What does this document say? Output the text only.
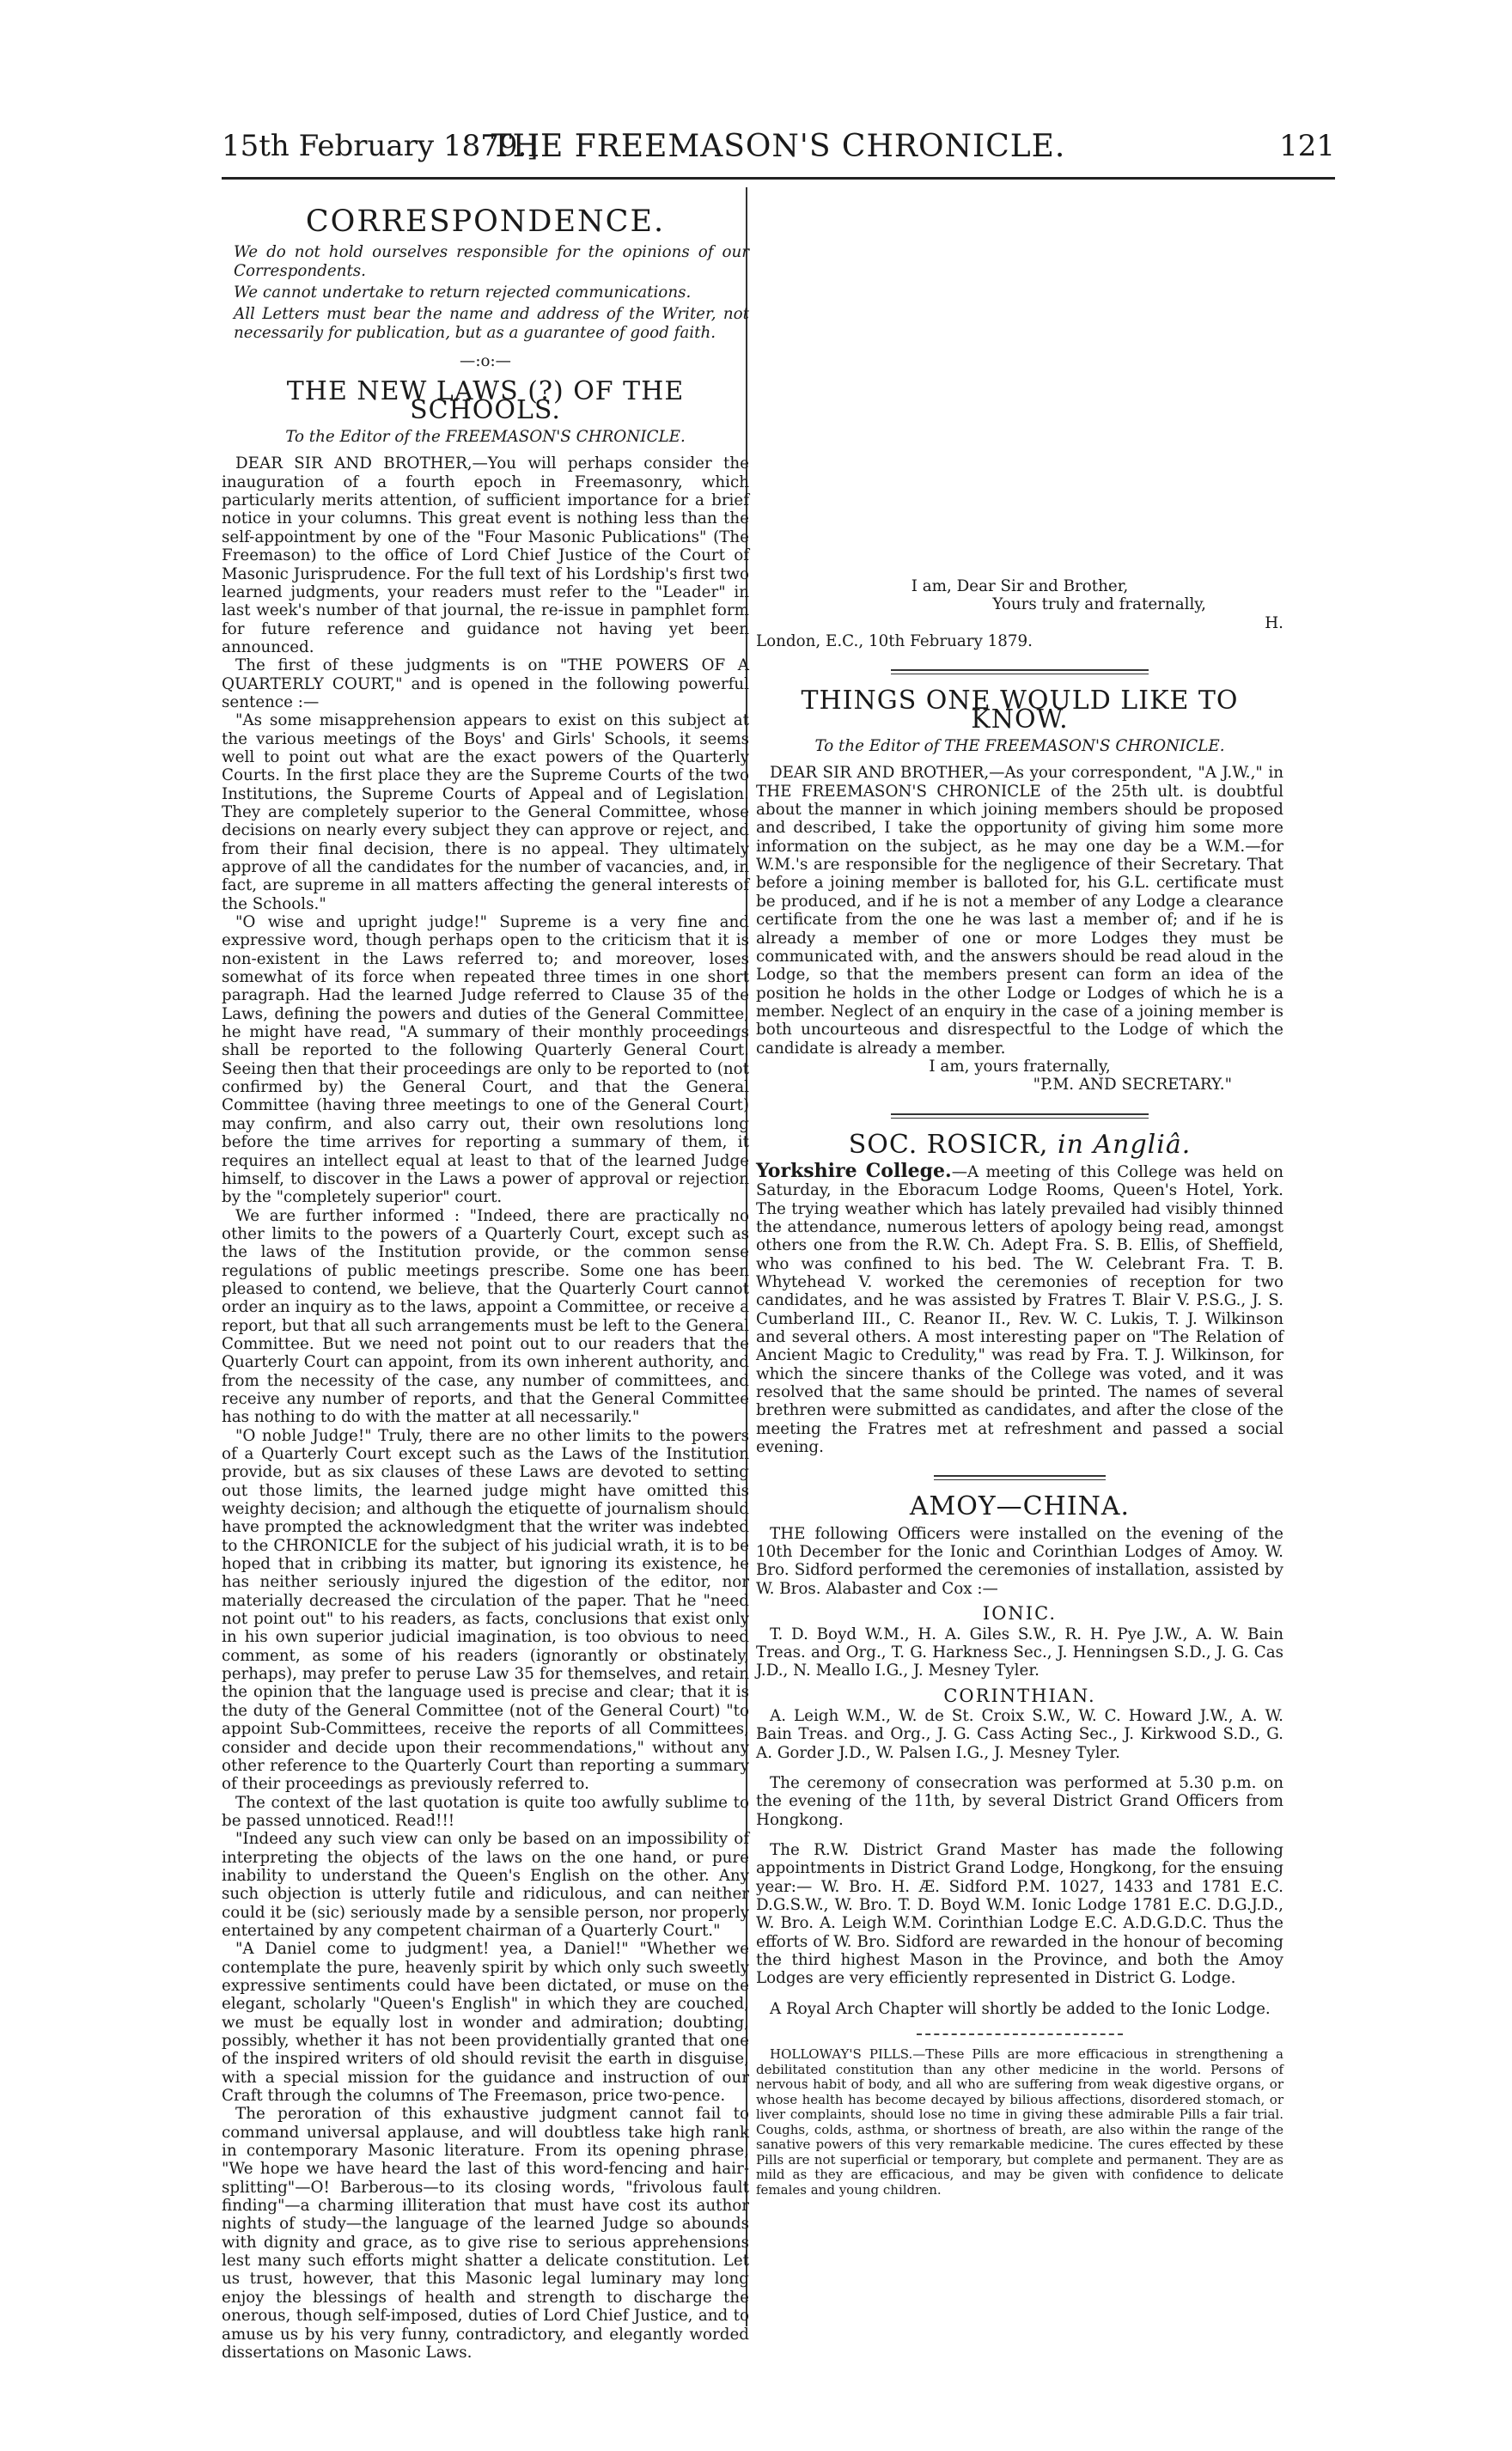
15th February 1879.]
THE FREEMASON'S CHRONICLE.	121
CORRESPONDENCE.

We do not hold ourselves responsible for the opinions of our Correspondents.

We cannot undertake to return rejected communications.

All Letters must bear the name and address of the Writer, not necessarily for publication, but as a guarantee of good faith.

—:o:—
THE NEW LAWS (?) OF THE SCHOOLS.
To the Editor of the FREEMASON'S CHRONICLE.

DEAR SIR AND BROTHER,—You will perhaps consider the inauguration of a fourth epoch in Freemasonry, which particularly merits attention, of sufficient importance for a brief notice in your columns. This great event is nothing less than the self-appointment by one of the "Four Masonic Publications" (The Freemason) to the office of Lord Chief Justice of the Court of Masonic Jurisprudence. For the full text of his Lordship's first two learned judgments, your readers must refer to the "Leader" in last week's number of that journal, the re-issue in pamphlet form for future reference and guidance not having yet been announced.

The first of these judgments is on "THE POWERS OF A QUARTERLY COURT," and is opened in the following powerful sentence :—

"As some misapprehension appears to exist on this subject at the various meetings of the Boys' and Girls' Schools, it seems well to point out what are the exact powers of the Quarterly Courts. In the first place they are the Supreme Courts of the two Institutions, the Supreme Courts of Appeal and of Legislation. They are completely superior to the General Committee, whose decisions on nearly every subject they can approve or reject, and from their final decision, there is no appeal. They ultimately approve of all the candidates for the number of vacancies, and, in fact, are supreme in all matters affecting the general interests of the Schools."

"O wise and upright judge!" Supreme is a very fine and expressive word, though perhaps open to the criticism that it is non-existent in the Laws referred to; and moreover, loses somewhat of its force when repeated three times in one short paragraph. Had the learned Judge referred to Clause 35 of the Laws, defining the powers and duties of the General Committee, he might have read, "A summary of their monthly proceedings shall be reported to the following Quarterly General Court. Seeing then that their proceedings are only to be reported to (not confirmed by) the General Court, and that the General Committee (having three meetings to one of the General Court) may confirm, and also carry out, their own resolutions long before the time arrives for reporting a summary of them, it requires an intellect equal at least to that of the learned Judge himself, to discover in the Laws a power of approval or rejection by the "completely superior" court.

We are further informed : "Indeed, there are practically no other limits to the powers of a Quarterly Court, except such as the laws of the Institution provide, or the common sense regulations of public meetings prescribe. Some one has been pleased to contend, we believe, that the Quarterly Court cannot order an inquiry as to the laws, appoint a Committee, or receive a report, but that all such arrangements must be left to the General Committee. But we need not point out to our readers that the Quarterly Court can appoint, from its own inherent authority, and from the necessity of the case, any number of committees, and receive any number of reports, and that the General Committee has nothing to do with the matter at all necessarily."

"O noble Judge!" Truly, there are no other limits to the powers of a Quarterly Court except such as the Laws of the Institution provide, but as six clauses of these Laws are devoted to setting out those limits, the learned judge might have omitted this weighty decision; and although the etiquette of journalism should have prompted the acknowledgment that the writer was indebted to the CHRONICLE for the subject of his judicial wrath, it is to be hoped that in cribbing its matter, but ignoring its existence, he has neither seriously injured the digestion of the editor, nor materially decreased the circulation of the paper. That he "need not point out" to his readers, as facts, conclusions that exist only in his own superior judicial imagination, is too obvious to need comment, as some of his readers (ignorantly or obstinately, perhaps), may prefer to peruse Law 35 for themselves, and retain the opinion that the language used is precise and clear; that it is the duty of the General Committee (not of the General Court) "to appoint Sub-Committees, receive the reports of all Committees, consider and decide upon their recommendations," without any other reference to the Quarterly Court than reporting a summary of their proceedings as previously referred to.

The context of the last quotation is quite too awfully sublime to be passed unnoticed. Read!!!

"Indeed any such view can only be based on an impossibility of interpreting the objects of the laws on the one hand, or pure inability to understand the Queen's English on the other. Any such objection is utterly futile and ridiculous, and can neither could it be (sic) seriously made by a sensible person, nor properly entertained by any competent chairman of a Quarterly Court."

"A Daniel come to judgment! yea, a Daniel!" "Whether we contemplate the pure, heavenly spirit by which only such sweetly expressive sentiments could have been dictated, or muse on the elegant, scholarly "Queen's English" in which they are couched, we must be equally lost in wonder and admiration; doubting, possibly, whether it has not been providentially granted that one of the inspired writers of old should revisit the earth in disguise, with a special mission for the guidance and instruction of our Craft through the columns of The Freemason, price two-pence.

The peroration of this exhaustive judgment cannot fail to command universal applause, and will doubtless take high rank in contemporary Masonic literature. From its opening phrase, "We hope we have heard the last of this word-fencing and hair-splitting"—O! Barberous—to its closing words, "frivolous fault finding"—a charming illiteration that must have cost its author nights of study—the language of the learned Judge so abounds with dignity and grace, as to give rise to serious apprehensions lest many such efforts might shatter a delicate constitution. Let us trust, however, that this Masonic legal luminary may long enjoy the blessings of health and strength to discharge the onerous, though self-imposed, duties of Lord Chief Justice, and to amuse us by his very funny, contradictory, and elegantly worded dissertations on Masonic Laws.

I am, Dear Sir and Brother,

Yours truly and fraternally,

H.

London, E.C., 10th February 1879.

THINGS ONE WOULD LIKE TO KNOW.
To the Editor of THE FREEMASON'S CHRONICLE.

DEAR SIR AND BROTHER,—As your correspondent, "A J.W.," in THE FREEMASON'S CHRONICLE of the 25th ult. is doubtful about the manner in which joining members should be proposed and described, I take the opportunity of giving him some more information on the subject, as he may one day be a W.M.—for W.M.'s are responsible for the negligence of their Secretary. That before a joining member is balloted for, his G.L. certificate must be produced, and if he is not a member of any Lodge a clearance certificate from the one he was last a member of; and if he is already a member of one or more Lodges they must be communicated with, and the answers should be read aloud in the Lodge, so that the members present can form an idea of the position he holds in the other Lodge or Lodges of which he is a member. Neglect of an enquiry in the case of a joining member is both uncourteous and disrespectful to the Lodge of which the candidate is already a member.

I am, yours fraternally,

"P.M. AND SECRETARY."

SOC. ROSICR, in Angliâ.

Yorkshire College.—A meeting of this College was held on Saturday, in the Eboracum Lodge Rooms, Queen's Hotel, York. The trying weather which has lately prevailed had visibly thinned the attendance, numerous letters of apology being read, amongst others one from the R.W. Ch. Adept Fra. S. B. Ellis, of Sheffield, who was confined to his bed. The W. Celebrant Fra. T. B. Whytehead V. worked the ceremonies of reception for two candidates, and he was assisted by Fratres T. Blair V. P.S.G., J. S. Cumberland III., C. Reanor II., Rev. W. C. Lukis, T. J. Wilkinson and several others. A most interesting paper on "The Relation of Ancient Magic to Credulity," was read by Fra. T. J. Wilkinson, for which the sincere thanks of the College was voted, and it was resolved that the same should be printed. The names of several brethren were submitted as candidates, and after the close of the meeting the Fratres met at refreshment and passed a social evening.

AMOY—CHINA.

THE following Officers were installed on the evening of the 10th December for the Ionic and Corinthian Lodges of Amoy. W. Bro. Sidford performed the ceremonies of installation, assisted by W. Bros. Alabaster and Cox :—

IONIC.

T. D. Boyd W.M., H. A. Giles S.W., R. H. Pye J.W., A. W. Bain Treas. and Org., T. G. Harkness Sec., J. Henningsen S.D., J. G. Cas J.D., N. Meallo I.G., J. Mesney Tyler.

CORINTHIAN.

A. Leigh W.M., W. de St. Croix S.W., W. C. Howard J.W., A. W. Bain Treas. and Org., J. G. Cass Acting Sec., J. Kirkwood S.D., G. A. Gorder J.D., W. Palsen I.G., J. Mesney Tyler.

The ceremony of consecration was performed at 5.30 p.m. on the evening of the 11th, by several District Grand Officers from Hongkong.

The R.W. District Grand Master has made the following appointments in District Grand Lodge, Hongkong, for the ensuing year:— W. Bro. H. Æ. Sidford P.M. 1027, 1433 and 1781 E.C. D.G.S.W., W. Bro. T. D. Boyd W.M. Ionic Lodge 1781 E.C. D.G.J.D., W. Bro. A. Leigh W.M. Corinthian Lodge E.C. A.D.G.D.C. Thus the efforts of W. Bro. Sidford are rewarded in the honour of becoming the third highest Mason in the Province, and both the Amoy Lodges are very efficiently represented in District G. Lodge.

A Royal Arch Chapter will shortly be added to the Ionic Lodge.

HOLLOWAY'S PILLS.—These Pills are more efficacious in strengthening a debilitated constitution than any other medicine in the world. Persons of nervous habit of body, and all who are suffering from weak digestive organs, or whose health has become decayed by bilious affections, disordered stomach, or liver complaints, should lose no time in giving these admirable Pills a fair trial. Coughs, colds, asthma, or shortness of breath, are also within the range of the sanative powers of this very remarkable medicine. The cures effected by these Pills are not superficial or temporary, but complete and permanent. They are as mild as they are efficacious, and may be given with confidence to delicate females and young children.
